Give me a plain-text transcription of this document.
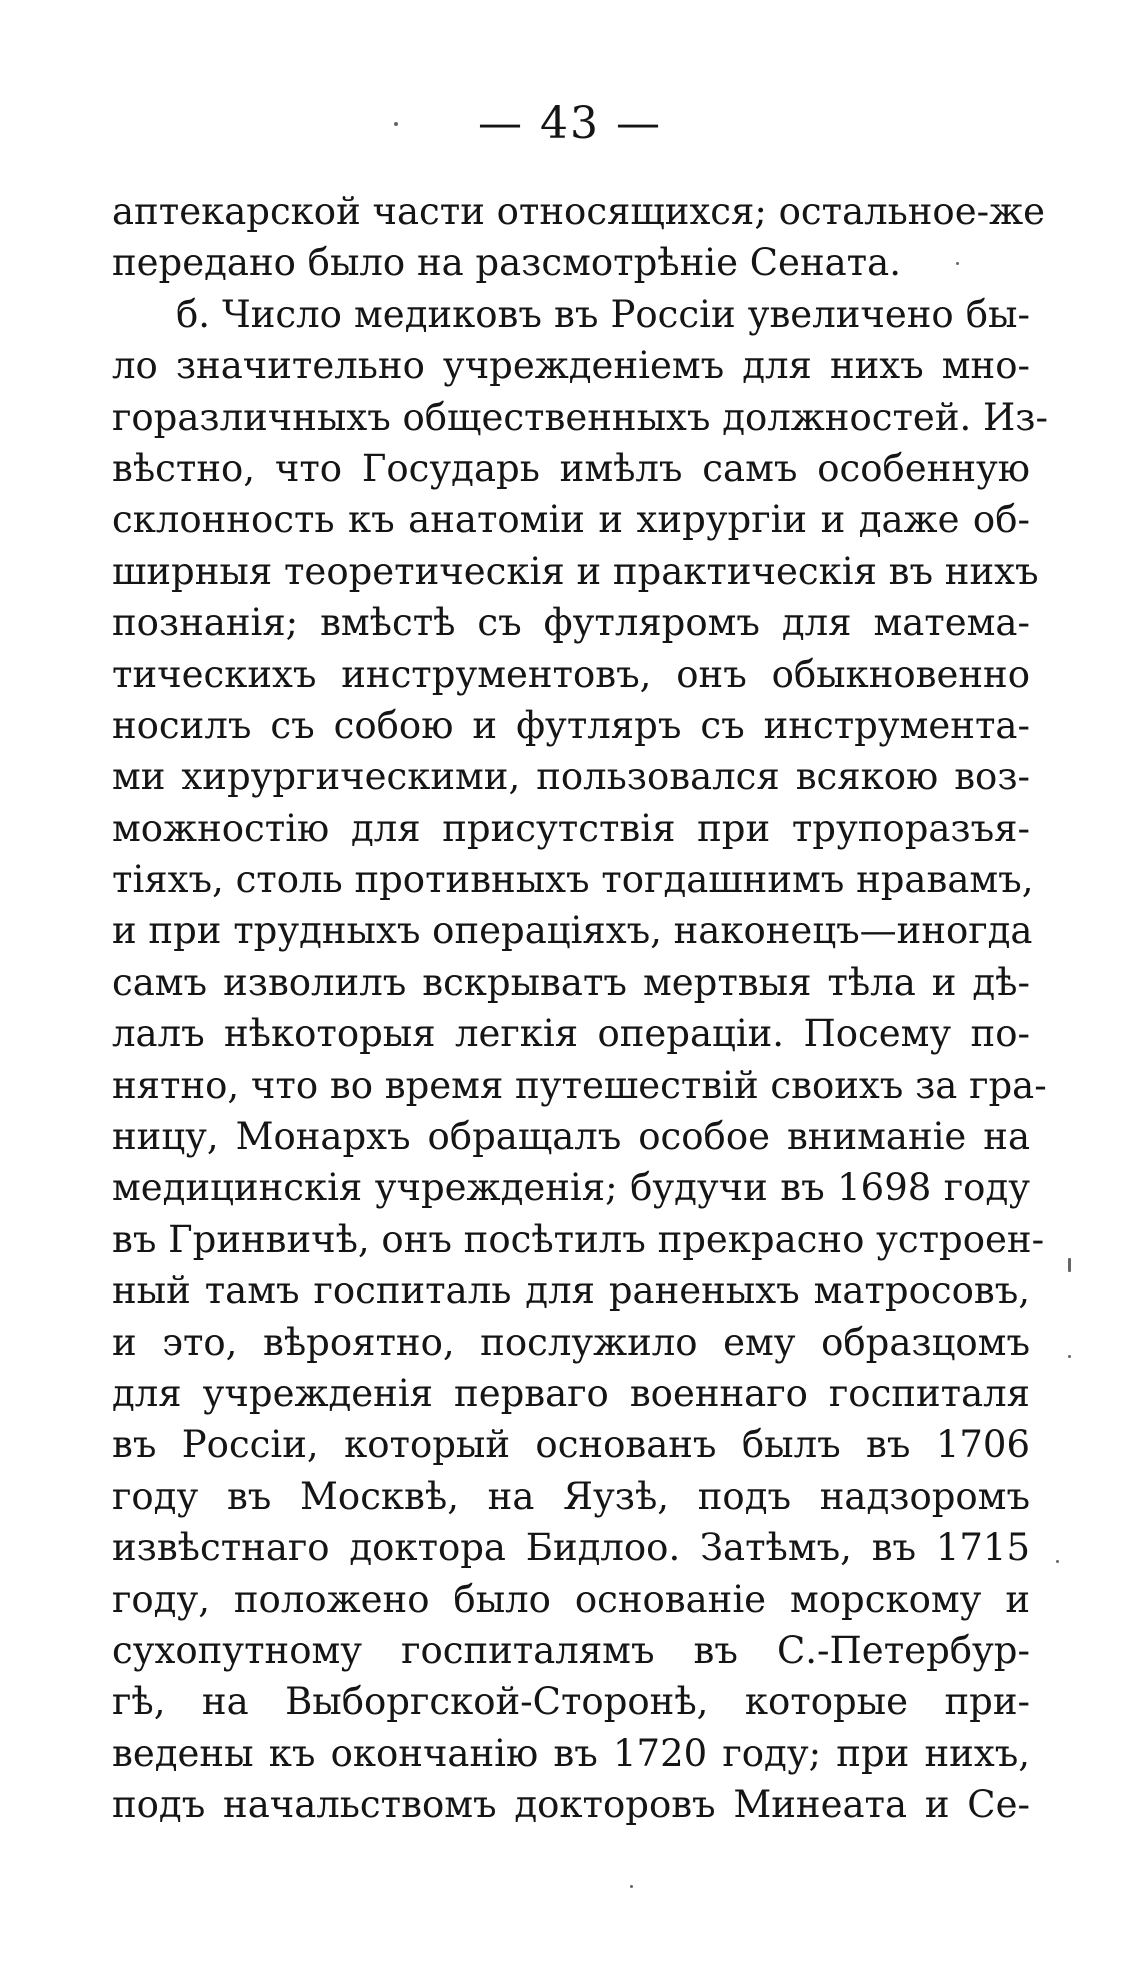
— 43 —
аптекарской части относящихся; остальное-же
передано было на разсмотрѣніе Сената.
б. Число медиковъ въ Россіи увеличено бы-
ло значительно учрежденіемъ для нихъ мно-
горазличныхъ общественныхъ должностей. Из-
вѣстно, что Государь имѣлъ самъ особенную
склонность къ анатоміи и хирургіи и даже об-
ширныя теоретическія и практическія въ нихъ
познанія; вмѣстѣ съ футляромъ для матема-
тическихъ инструментовъ, онъ обыкновенно
носилъ съ собою и футляръ съ инструмента-
ми хирургическими, пользовался всякою воз-
можностію для присутствія при трупоразъя-
тіяхъ, столь противныхъ тогдашнимъ нравамъ,
и при трудныхъ операціяхъ, наконецъ—иногда
самъ изволилъ вскрыватъ мертвыя тѣла и дѣ-
лалъ нѣкоторыя легкія операціи. Посему по-
нятно, что во время путешествій своихъ за гра-
ницу, Монархъ обращалъ особое вниманіе на
медицинскія учрежденія; будучи въ 1698 году
въ Гринвичѣ, онъ посѣтилъ прекрасно устроен-
ный тамъ госпиталь для раненыхъ матросовъ,
и это, вѣроятно, послужило ему образцомъ
для учрежденія перваго военнаго госпиталя
въ Россіи, который основанъ былъ въ 1706
году въ Москвѣ, на Яузѣ, подъ надзоромъ
извѣстнаго доктора Бидлоо. Затѣмъ, въ 1715
году, положено было основаніе морскому и
сухопутному госпиталямъ въ С.-Петербур-
гѣ, на Выборгской-Сторонѣ, которые при-
ведены къ окончанію въ 1720 году; при нихъ,
подъ начальствомъ докторовъ Минеата и Се-
